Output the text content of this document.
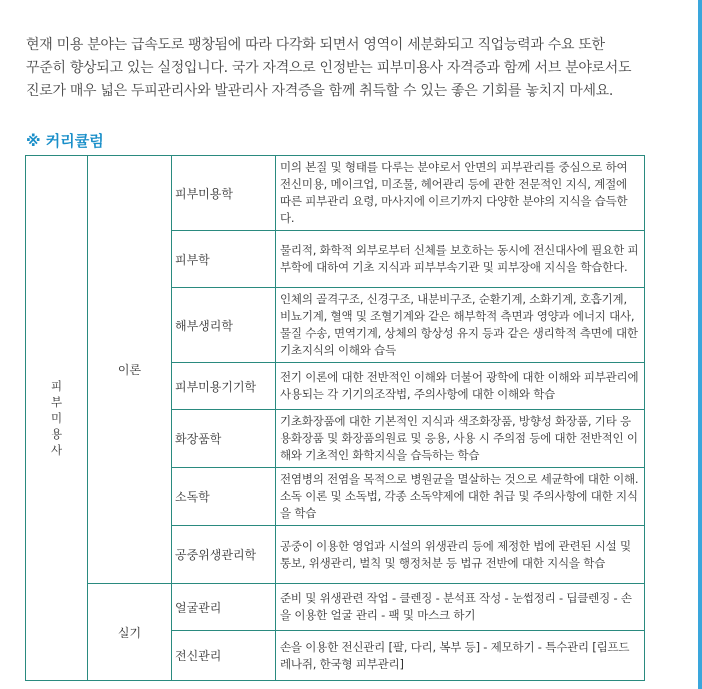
현재 미용 분야는 급속도로 팽창됨에 따라 다각화 되면서 영역이 세분화되고 직업능력과 수요 또한

꾸준히 향상되고 있는 실정입니다. 국가 자격으로 인정받는 피부미용사 자격증과 함께 서브 분야로서도

진로가 매우 넓은 두피관리사와 발관리사 자격증을 함께 취득할 수 있는 좋은 기회를 놓치지 마세요.

※ 커리큘럼
피
부
미
용
사	이론	피부미용학	미의 본질 및 형태를 다루는 분야로서 안면의 피부관리를 중심으로 하여 전신미용, 메이크업, 미조물, 헤어관리 등에 관한 전문적인 지식, 계절에 따른 피부관리 요령, 마사지에 이르기까지 다양한 분야의 지식을 습득한다.
		피부학	물리적, 화학적 외부로부터 신체를 보호하는 동시에 전신대사에 필요한 피부학에 대하여 기초 지식과 피부부속기관 및 피부장애 지식을 학습한다.
		해부생리학	인체의 골격구조, 신경구조, 내분비구조, 순환기계, 소화기계, 호흡기계, 비뇨기계, 혈액 및 조혈기계와 같은 해부학적 측면과 영양과 에너지 대사, 물질 수송, 면역기계, 상체의 항상성 유지 등과 같은 생리학적 측면에 대한 기초지식의 이해와 습득
		피부미용기기학	전기 이론에 대한 전반적인 이해와 더불어 광학에 대한 이해와 피부관리에 사용되는 각 기기의조작법, 주의사항에 대한 이해와 학습
		화장품학	기초화장품에 대한 기본적인 지식과 색조화장품, 방향성 화장품, 기타 응용화장품 및 화장품의원료 및 응용, 사용 시 주의점 등에 대한 전반적인 이해와 기초적인 화학지식을 습득하는 학습
		소독학	전염병의 전염을 목적으로 병원균을 멸살하는 것으로 세균학에 대한 이해. 소독 이론 및 소독법, 각종 소독약제에 대한 취급 및 주의사항에 대한 지식을 학습
		공중위생관리학	공중이 이용한 영업과 시설의 위생관리 등에 제정한 법에 관련된 시설 및 통보, 위생관리, 벌칙 및 행정처분 등 법규 전반에 대한 지식을 학습
	실기	얼굴관리	준비 및 위생관련 작업 - 클렌징 - 분석표 작성 - 눈썹정리 - 딥클렌징 - 손을 이용한 얼굴 관리 - 팩 및 마스크 하기
		전신관리	손을 이용한 전신관리 [팔, 다리, 복부 등] - 제모하기 - 특수관리 [림프드레나쥐, 한국형 피부관리]
